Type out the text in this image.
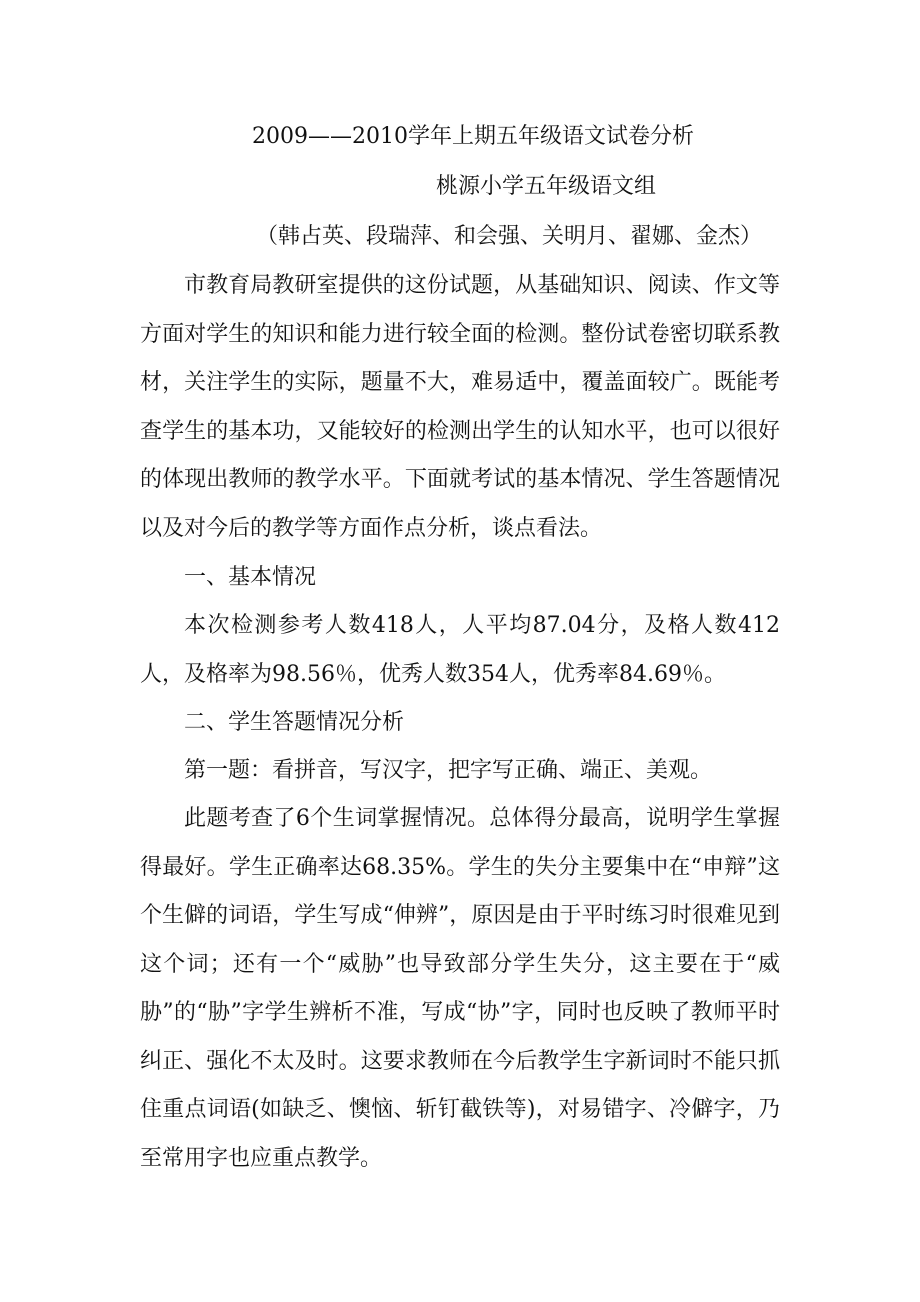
2009——2010学年上期五年级语文试卷分析

桃源小学五年级语文组

（韩占英、段瑞萍、和会强、关明月、翟娜、金杰）

市教育局教研室提供的这份试题，从基础知识、阅读、作文等方面对学生的知识和能力进行较全面的检测。整份试卷密切联系教材，关注学生的实际，题量不大，难易适中，覆盖面较广。既能考查学生的基本功，又能较好的检测出学生的认知水平，也可以很好的体现出教师的教学水平。下面就考试的基本情况、学生答题情况以及对今后的教学等方面作点分析，谈点看法。

一、基本情况

本次检测参考人数418人，人平均87.04分，及格人数412人，及格率为98.56％，优秀人数354人，优秀率84.69％。

二、学生答题情况分析

第一题：看拼音，写汉字，把字写正确、端正、美观。

此题考查了6个生词掌握情况。总体得分最高，说明学生掌握得最好。学生正确率达68.35%。学生的失分主要集中在“申辩”这个生僻的词语，学生写成“伸辨”，原因是由于平时练习时很难见到这个词；还有一个“威胁”也导致部分学生失分，这主要在于“威胁”的“胁”字学生辨析不准，写成“协”字，同时也反映了教师平时纠正、强化不太及时。这要求教师在今后教学生字新词时不能只抓住重点词语(如缺乏、懊恼、斩钉截铁等)，对易错字、冷僻字，乃至常用字也应重点教学。
